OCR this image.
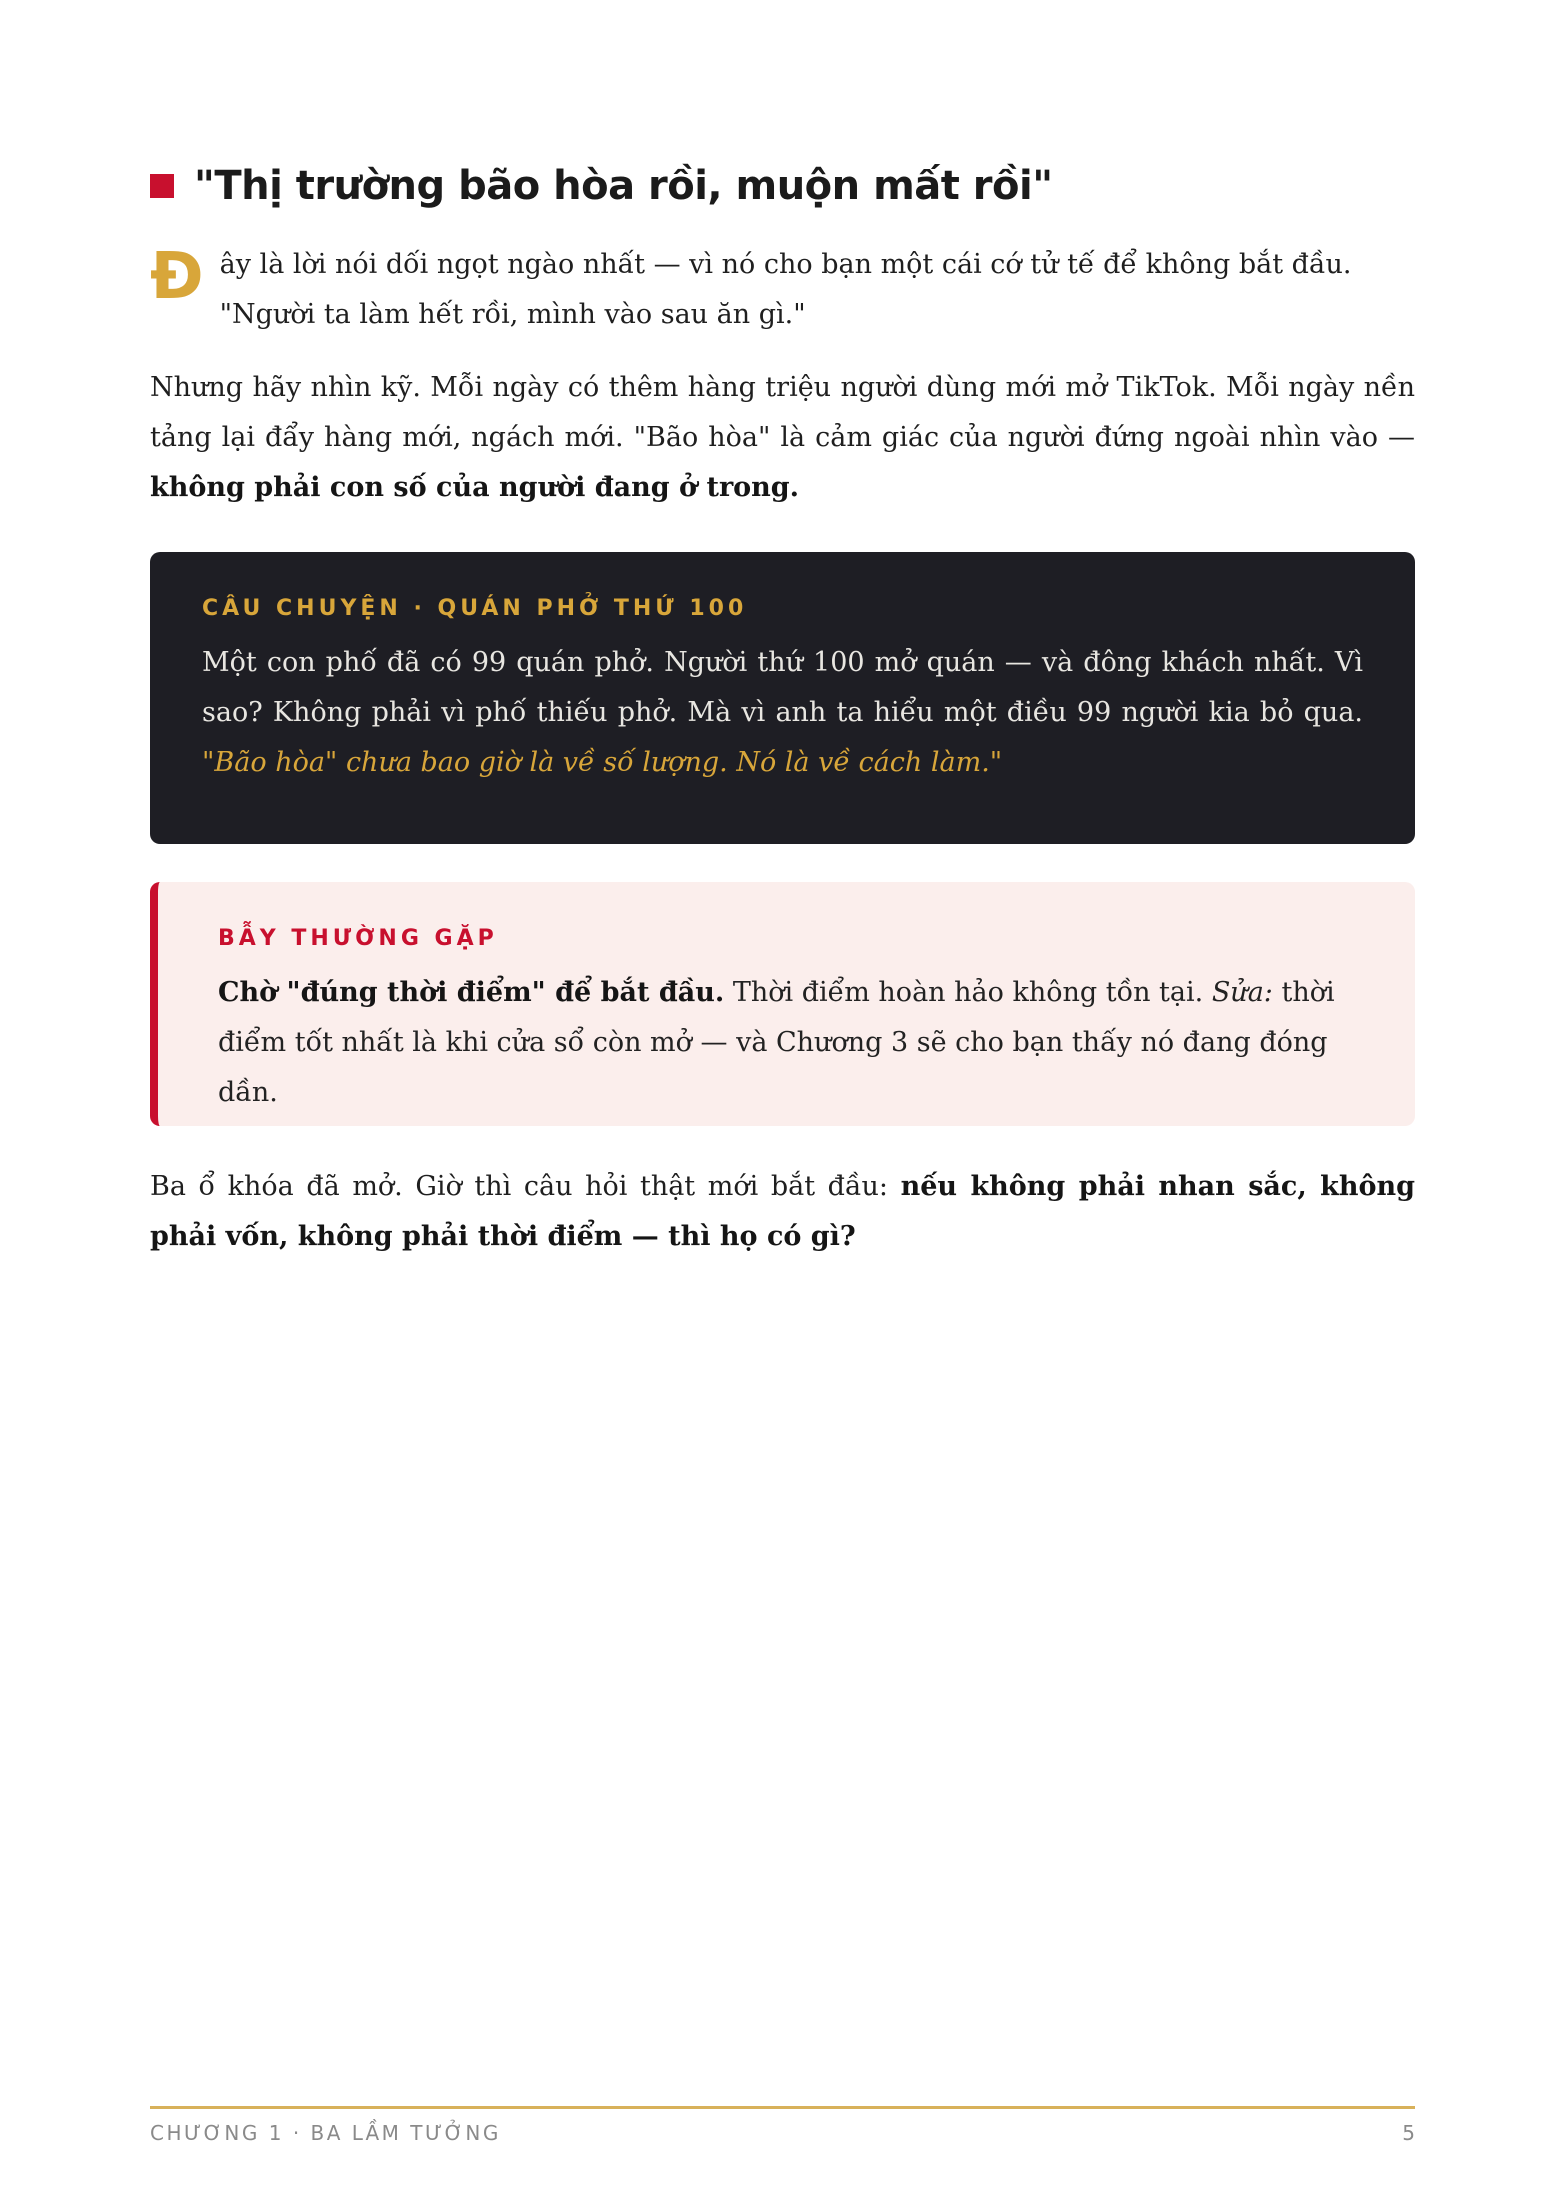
"Thị trường bão hòa rồi, muộn mất rồi"

Đ ây là lời nói dối ngọt ngào nhất — vì nó cho bạn một cái cớ tử tế để không bắt đầu. "Người ta làm hết rồi, mình vào sau ăn gì."

Nhưng hãy nhìn kỹ. Mỗi ngày có thêm hàng triệu người dùng mới mở TikTok. Mỗi ngày nền tảng lại đẩy hàng mới, ngách mới. "Bão hòa" là cảm giác của người đứng ngoài nhìn vào — không phải con số của người đang ở trong.

CÂU CHUYỆN · QUÁN PHỞ THỨ 100

Một con phố đã có 99 quán phở. Người thứ 100 mở quán — và đông khách nhất. Vì sao? Không phải vì phố thiếu phở. Mà vì anh ta hiểu một điều 99 người kia bỏ qua. "Bão hòa" chưa bao giờ là về số lượng. Nó là về cách làm."

BẪY THƯỜNG GẶP

Chờ "đúng thời điểm" để bắt đầu. Thời điểm hoàn hảo không tồn tại. Sửa: thời điểm tốt nhất là khi cửa sổ còn mở — và Chương 3 sẽ cho bạn thấy nó đang đóng dần.

Ba ổ khóa đã mở. Giờ thì câu hỏi thật mới bắt đầu: nếu không phải nhan sắc, không phải vốn, không phải thời điểm — thì họ có gì?

CHƯƠNG 1 · BA LẦM TƯỞNG	5
